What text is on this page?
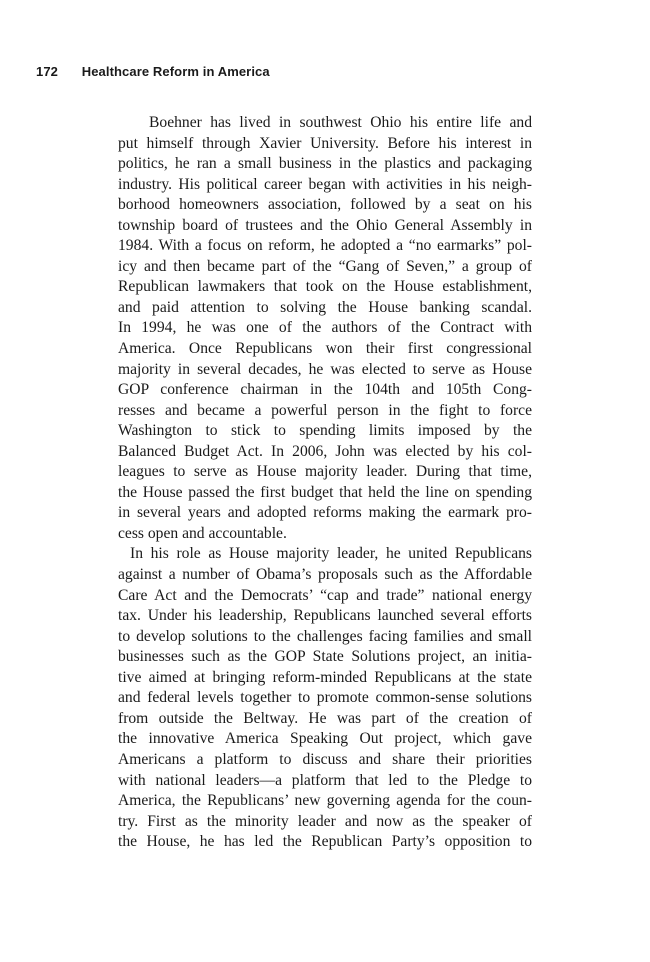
172 Healthcare Reform in America
Boehner has lived in southwest Ohio his entire life and
put himself through Xavier University. Before his interest in
politics, he ran a small business in the plastics and packaging
industry. His political career began with activities in his neigh-
borhood homeowners association, followed by a seat on his
township board of trustees and the Ohio General Assembly in
1984. With a focus on reform, he adopted a “no earmarks” pol-
icy and then became part of the “Gang of Seven,” a group of
Republican lawmakers that took on the House establishment,
and paid attention to solving the House banking scandal.
In 1994, he was one of the authors of the Contract with
America. Once Republicans won their first congressional
majority in several decades, he was elected to serve as House
GOP conference chairman in the 104th and 105th Cong-
resses and became a powerful person in the fight to force
Washington to stick to spending limits imposed by the
Balanced Budget Act. In 2006, John was elected by his col-
leagues to serve as House majority leader. During that time,
the House passed the first budget that held the line on spending
in several years and adopted reforms making the earmark pro-
cess open and accountable.
In his role as House majority leader, he united Republicans
against a number of Obama’s proposals such as the Affordable
Care Act and the Democrats’ “cap and trade” national energy
tax. Under his leadership, Republicans launched several efforts
to develop solutions to the challenges facing families and small
businesses such as the GOP State Solutions project, an initia-
tive aimed at bringing reform-minded Republicans at the state
and federal levels together to promote common-sense solutions
from outside the Beltway. He was part of the creation of
the innovative America Speaking Out project, which gave
Americans a platform to discuss and share their priorities
with national leaders—a platform that led to the Pledge to
America, the Republicans’ new governing agenda for the coun-
try. First as the minority leader and now as the speaker of
the House, he has led the Republican Party’s opposition to
